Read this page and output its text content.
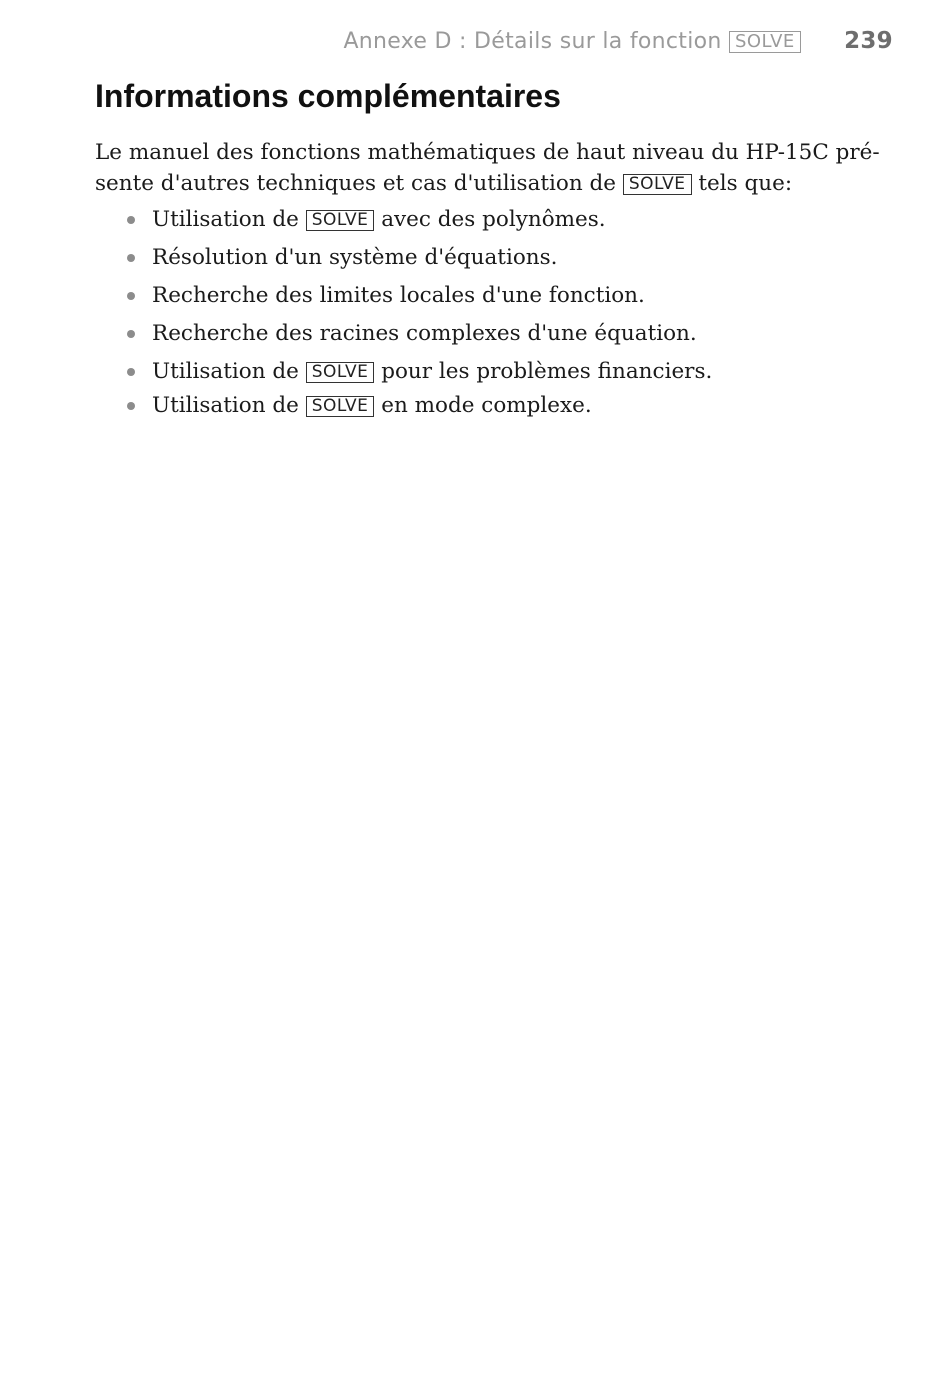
Annexe D : Détails sur la fonction SOLVE 239
Informations complémentaires

Le manuel des fonctions mathématiques de haut niveau du HP-15C pré-
sente d'autres techniques et cas d'utilisation de SOLVE tels que:

Utilisation de SOLVE avec des polynômes.
Résolution d'un système d'équations.
Recherche des limites locales d'une fonction.
Recherche des racines complexes d'une équation.
Utilisation de SOLVE pour les problèmes financiers.
Utilisation de SOLVE en mode complexe.
